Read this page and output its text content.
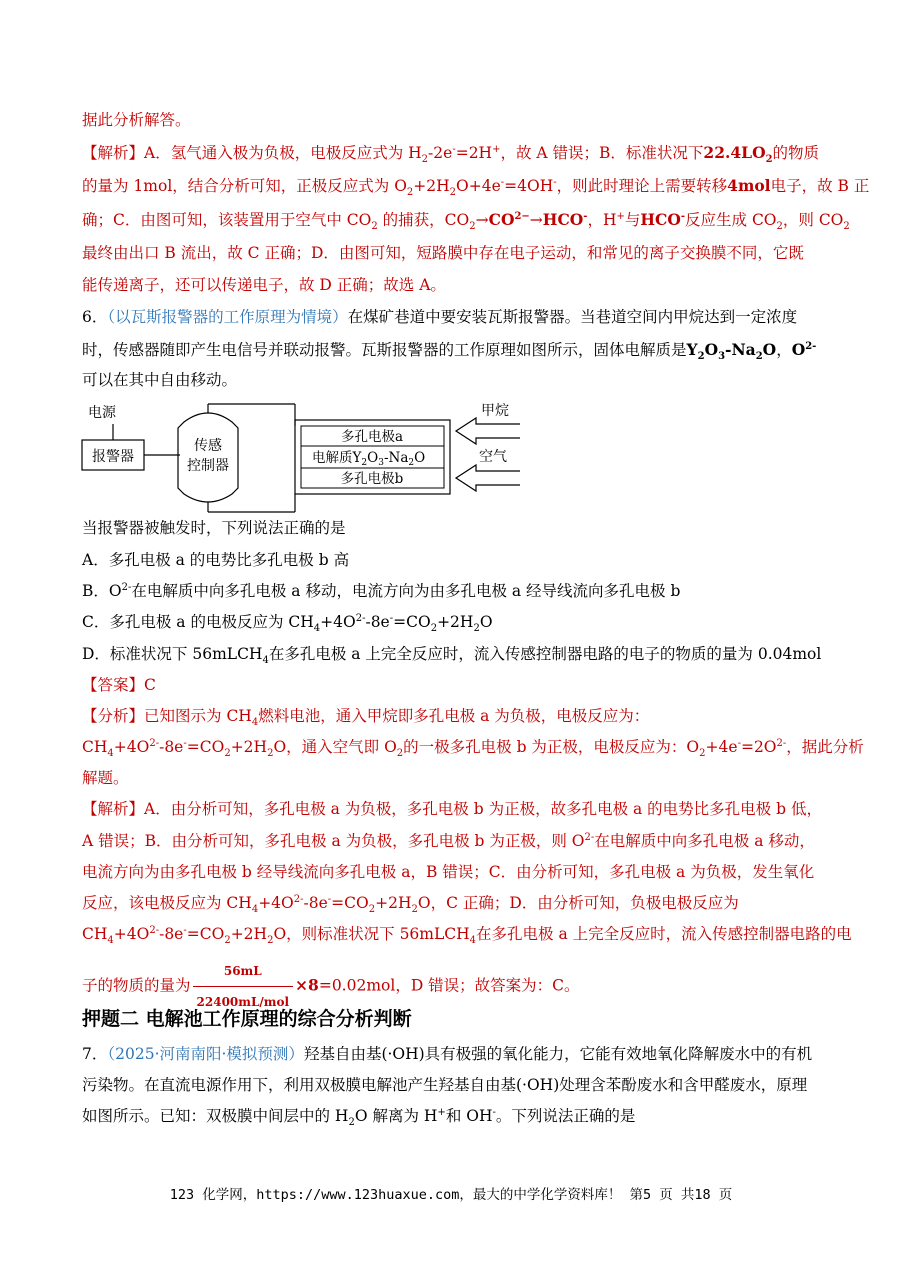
据此分析解答。
【解析】A．氢气通入极为负极，电极反应式为 $H_2-2e^-=2H^+$，故 A 错误；B．标准状况下$22.4LO_2$的物质
的量为 1mol，结合分析可知，正极反应式为 $O_2+2H_2O+4e^-=4OH^-$，则此时理论上需要转移4mol电子，故 B 正
确；C．由图可知，该装置用于空气中 $CO_2$ 的捕获，$CO_2\to CO^{2-}\to HCO^-$，H+与HCO-反应生成 $CO_2$，则 $CO_2$
最终由出口 B 流出，故 C 正确；D．由图可知，短路膜中存在电子运动，和常见的离子交换膜不同，它既
能传递离子，还可以传递电子，故 D 正确；故选 A。
6．（以瓦斯报警器的工作原理为情境）在煤矿巷道中要安装瓦斯报警器。当巷道空间内甲烷达到一定浓度
时，传感器随即产生电信号并联动报警。瓦斯报警器的工作原理如图所示，固体电解质是$Y_2O_3-Na_2O$，$O^{2-}$
可以在其中自由移动。
报警器
电源
传感
控制器
多孔电极a
电解质$Y_2O_3-Na_2O$
多孔电极b
甲烷
空气
当报警器被触发时，下列说法正确的是
A．多孔电极 a 的电势比多孔电极 b 高
B．$O^{2-}$在电解质中向多孔电极 a 移动，电流方向为由多孔电极 a 经导线流向多孔电极 b
C．多孔电极 a 的电极反应为 $CH_4+4O^{2-}-8e^-=CO_2+2H_2O$
D．标准状况下 56mLCH$_4$在多孔电极 a 上完全反应时，流入传感控制器电路的电子的物质的量为 0.04mol
【答案】C
【分析】已知图示为 $CH_4$燃料电池，通入甲烷即多孔电极 a 为负极，电极反应为：
$CH_4+4O^{2-}-8e^-=CO_2+2H_2O$，通入空气即 $O_2$的一极多孔电极 b 为正极，电极反应为：$O_2+4e^-=2O^{2-}$，据此分析
解题。
【解析】A．由分析可知，多孔电极 a 为负极，多孔电极 b 为正极，故多孔电极 a 的电势比多孔电极 b 低，
A 错误；B．由分析可知，多孔电极 a 为负极，多孔电极 b 为正极，则 $O^{2-}$在电解质中向多孔电极 a 移动，
电流方向为由多孔电极 b 经导线流向多孔电极 a，B 错误；C．由分析可知，多孔电极 a 为负极，发生氧化
反应，该电极反应为 $CH_4+4O^{2-}-8e^-=CO_2+2H_2O$，C 正确；D．由分析可知，负极电极反应为
$CH_4+4O^{2-}-8e^-=CO_2+2H_2O$，则标准状况下 56mLCH$_4$在多孔电极 a 上完全反应时，流入传感控制器电路的电
子的物质的量为 $\frac{56mL}{\text{22400mL/mol}} \times 8=0.02mol$，D 错误；故答案为：C。
押题二 电解池工作原理的综合分析判断
7．（2025·河南南阳·模拟预测）羟基自由基(·OH)具有极强的氧化能力，它能有效地氧化降解废水中的有机
污染物。在直流电源作用下，利用双极膜电解池产生羟基自由基(·OH)处理含苯酚废水和含甲醛废水，原理
如图所示。已知：双极膜中间层中的 $H_2O$ 解离为 H+和 OH-。下列说法正确的是
123 化学网，https://www.123huaxue.com，最大的中学化学资料库！ 第5 页 共18 页
